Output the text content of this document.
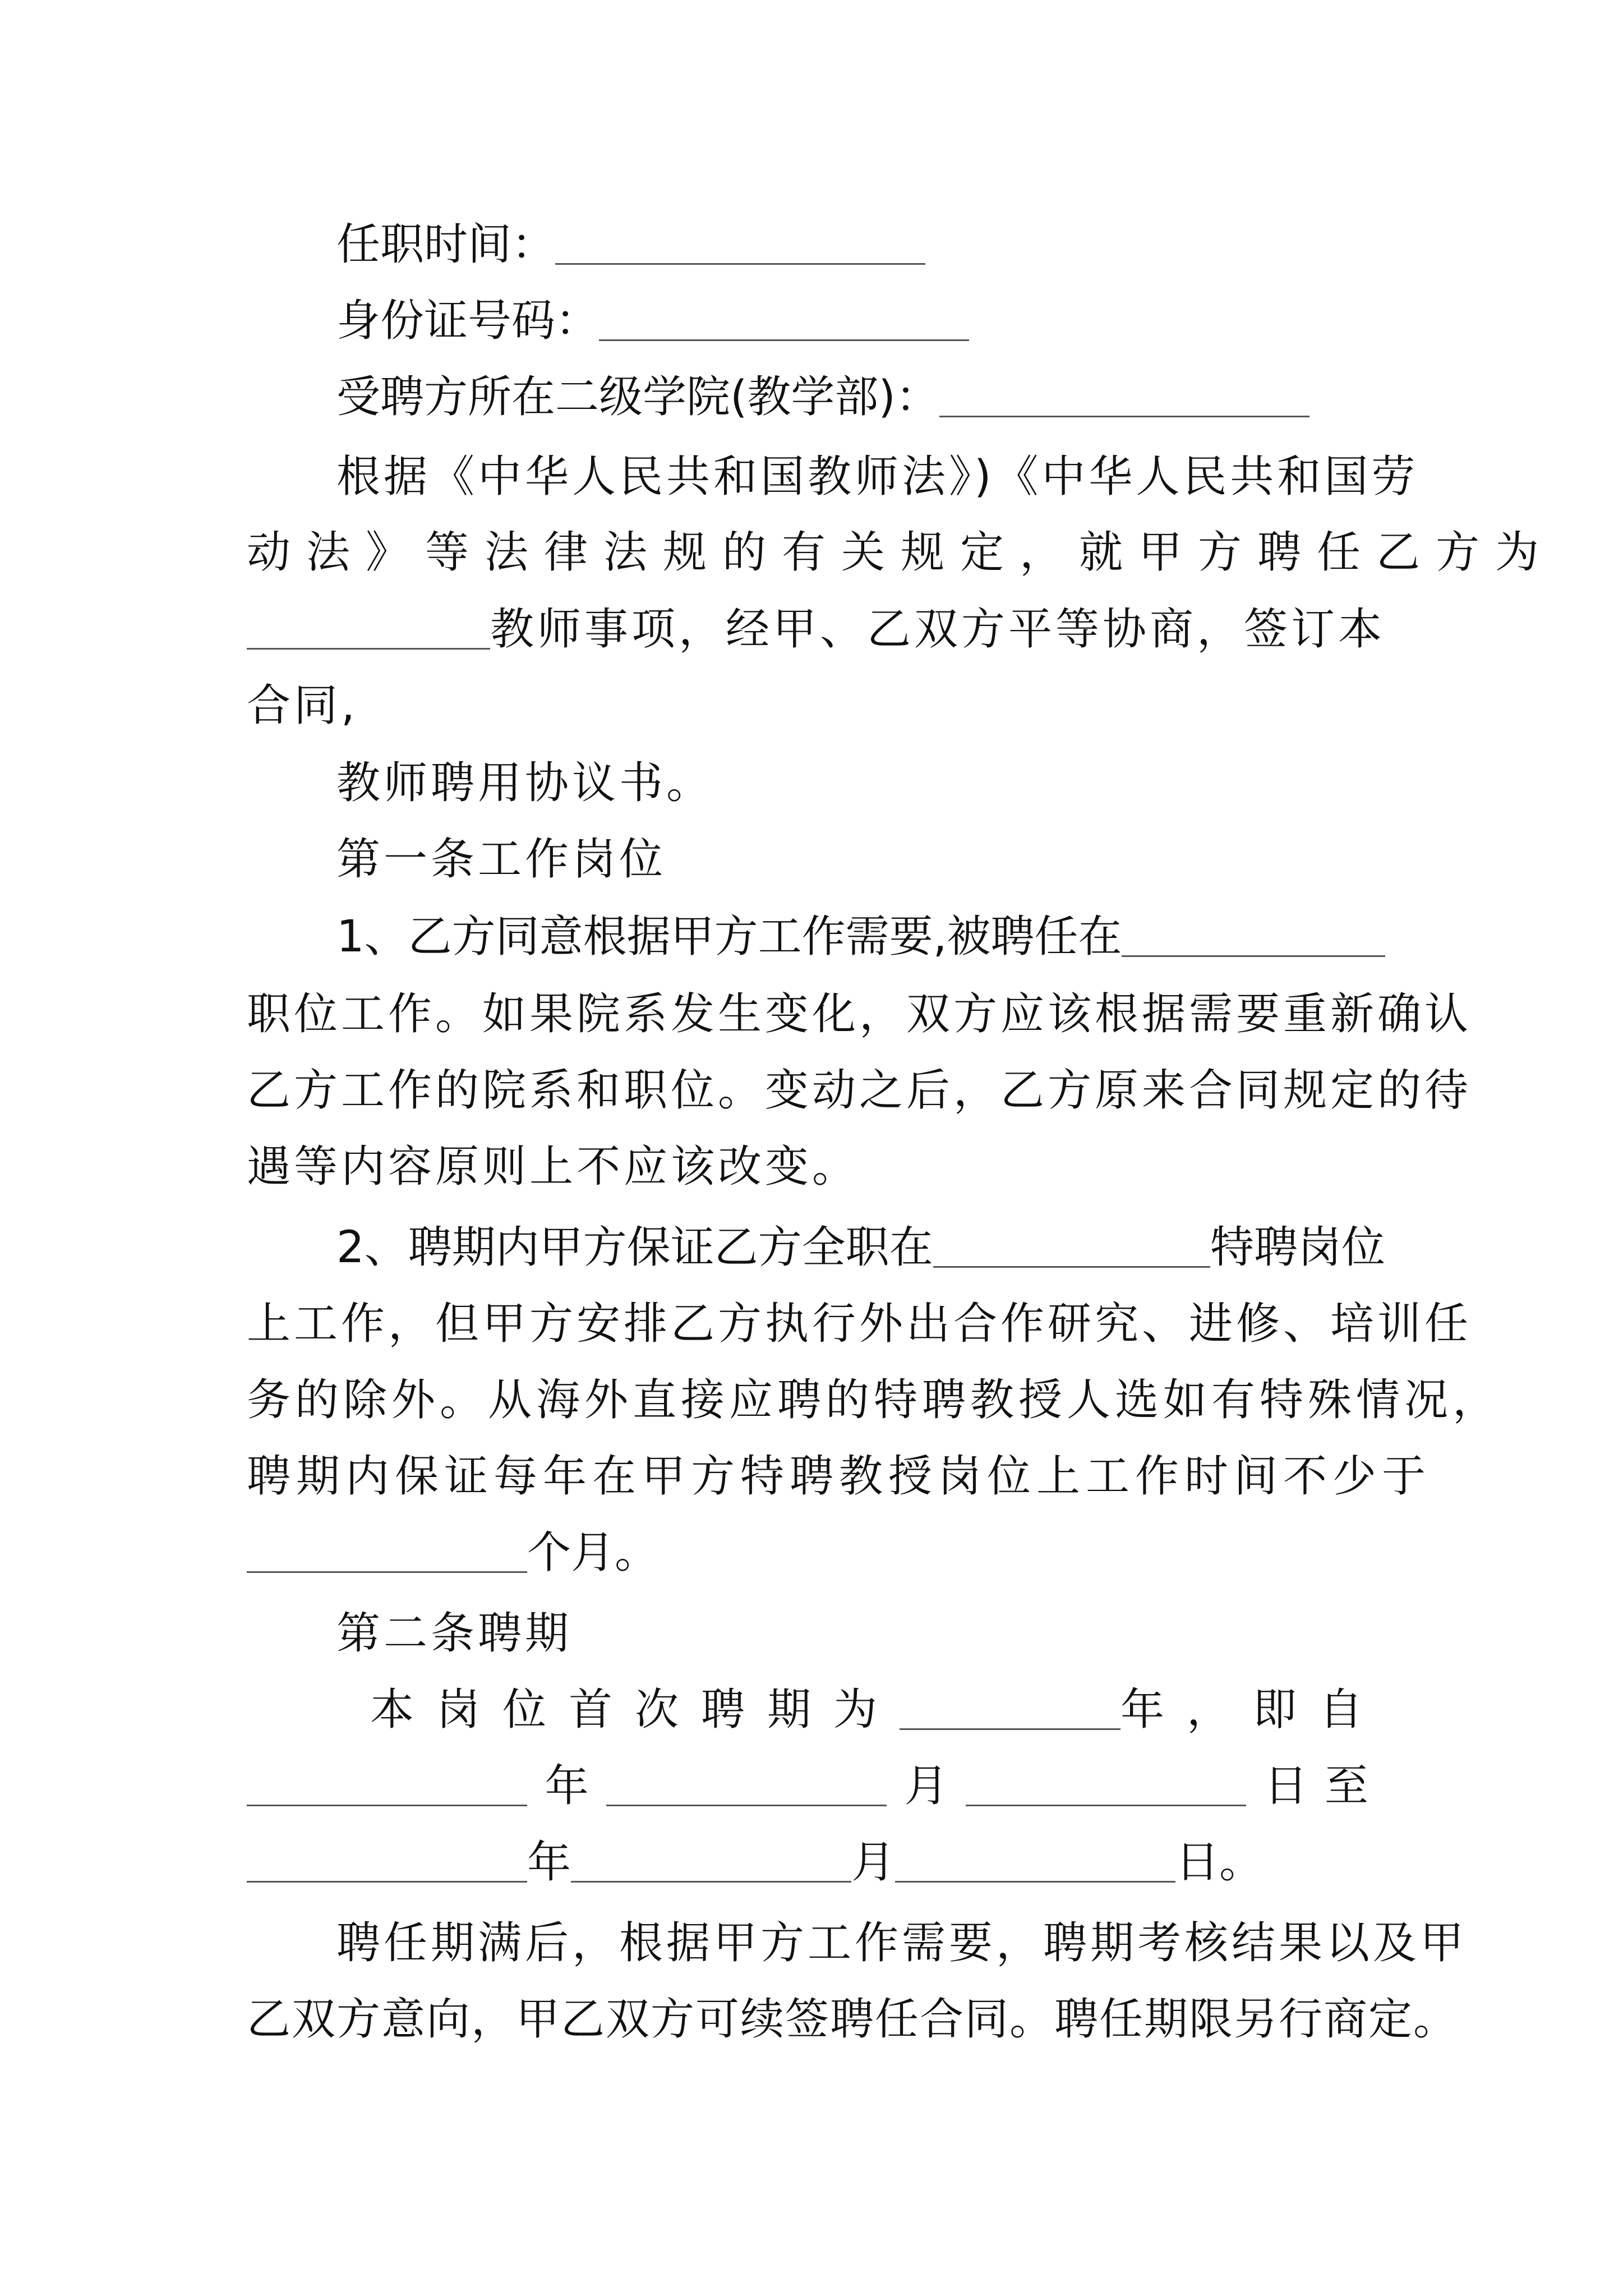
任职时间：
身份证号码：
受聘方所在二级学院(教学部)：
根据《中华人民共和国教师法》)《中华人民共和国劳
动法》等法律法规的有关规定，就甲方聘任乙方为
教师事项，经甲、乙双方平等协商，签订本
合同,
教师聘用协议书。
第一条工作岗位
1、乙方同意根据甲方工作需要,被聘任在
职位工作。如果院系发生变化，双方应该根据需要重新确认
乙方工作的院系和职位。变动之后，乙方原来合同规定的待
遇等内容原则上不应该改变。
2、聘期内甲方保证乙方全职在	特聘岗位
上工作，但甲方安排乙方执行外出合作研究、进修、培训任
务的除外。从海外直接应聘的特聘教授人选如有特殊情况，
聘期内保证每年在甲方特聘教授岗位上工作时间不少于
个月。
第二条聘期
本岗位首次聘期为	年， 即自
年	月	日至
年	月	日。
聘任期满后，根据甲方工作需要，聘期考核结果以及甲
乙双方意向，甲乙双方可续签聘任合同。聘任期限另行商定。
